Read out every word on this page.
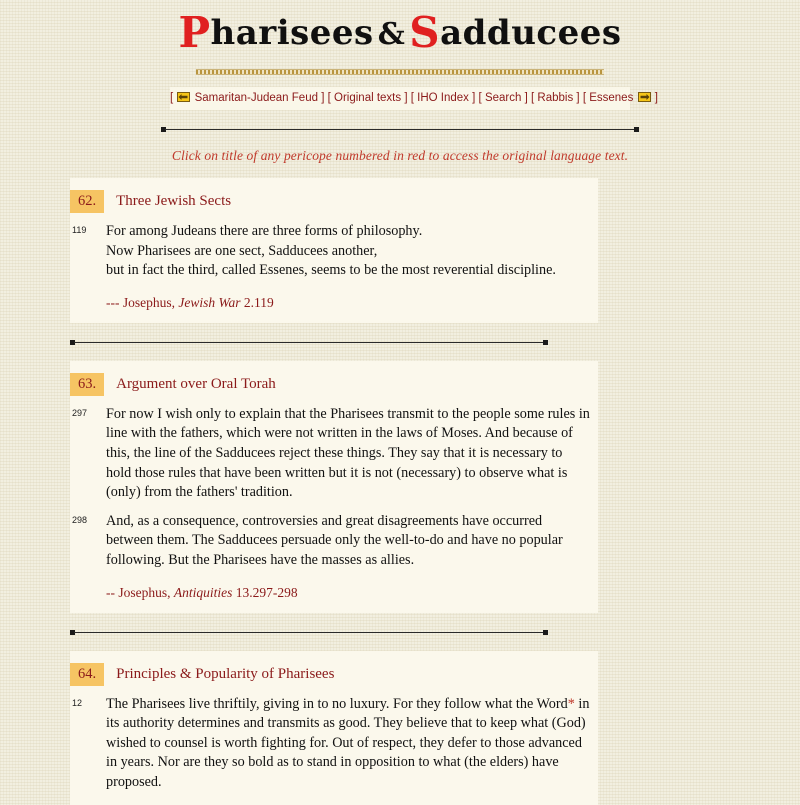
Pharisees &Sadducees
[ Samaritan-Judean Feud ] [ Original texts ] [ IHO Index ] [ Search ] [ Rabbis ] [ Essenes ]
Click on title of any pericope numbered in red to access the original language text.
62.	Three Jewish Sects
119	For among Judeans there are three forms of philosophy.
Now Pharisees are one sect, Sadducees another,
but in fact the third, called Essenes, seems to be the most reverential discipline.
--- Josephus, Jewish War 2.119
63.	Argument over Oral Torah
297	For now I wish only to explain that the Pharisees transmit to the people some rules in line with the fathers, which were not written in the laws of Moses. And because of this, the line of the Sadducees reject these things. They say that it is necessary to hold those rules that have been written but it is not (necessary) to observe what is (only) from the fathers' tradition.
298	And, as a consequence, controversies and great disagreements have occurred between them. The Sadducees persuade only the well-to-do and have no popular following. But the Pharisees have the masses as allies.
-- Josephus, Antiquities 13.297-298
64.	Principles & Popularity of Pharisees
12	The Pharisees live thriftily, giving in to no luxury. For they follow what the Word* in its authority determines and transmits as good. They believe that to keep what (God) wished to counsel is worth fighting for. Out of respect, they defer to those advanced in years. Nor are they so bold as to stand in opposition to what (the elders) have proposed.
